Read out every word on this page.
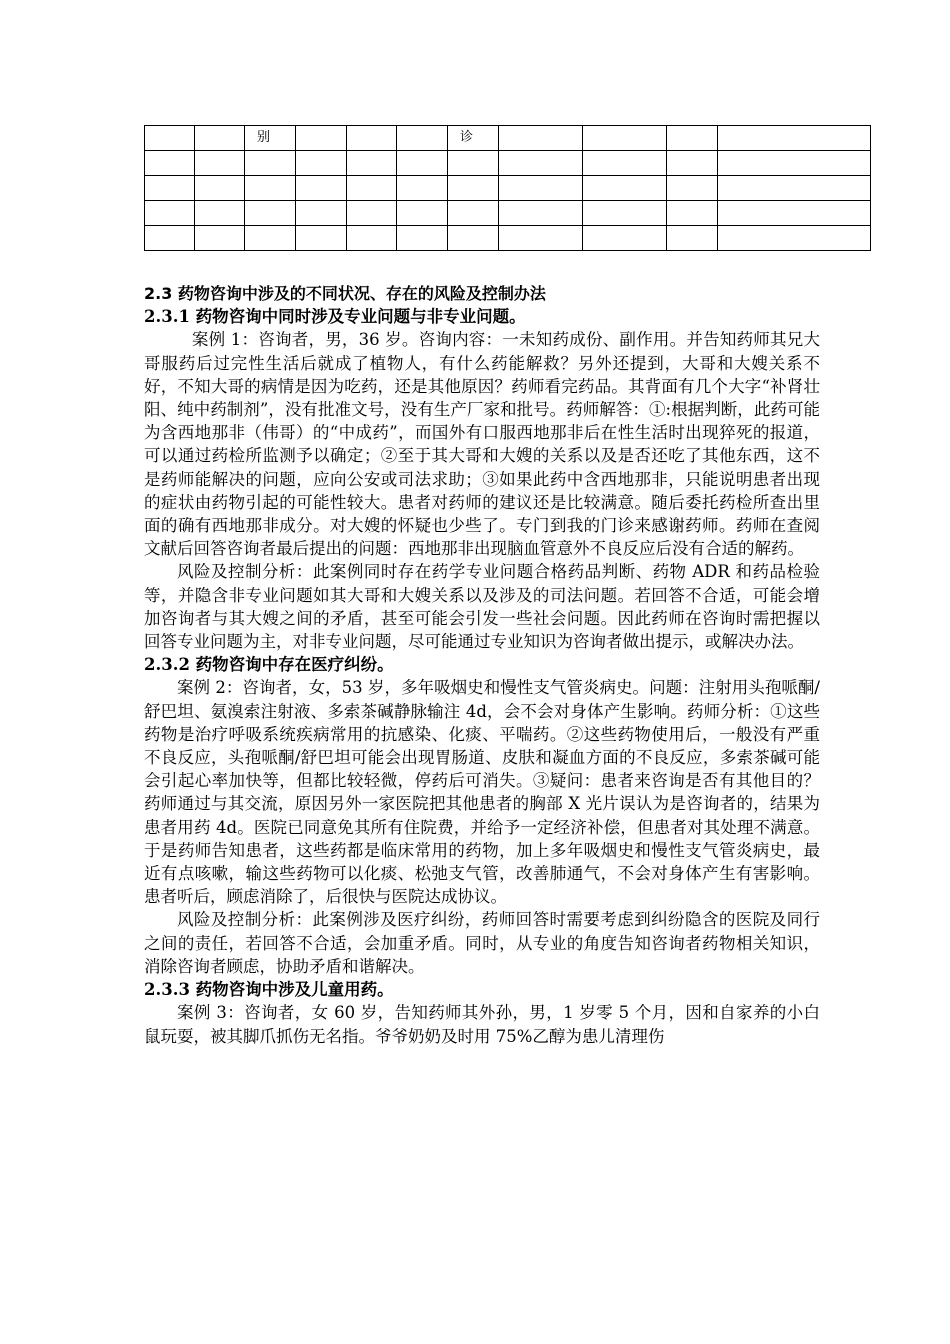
		别				诊				

2.3 药物咨询中涉及的不同状况、存在的风险及控制办法

2.3.1 药物咨询中同时涉及专业问题与非专业问题。

案例 1：咨询者，男，36 岁。咨询内容：一未知药成份、副作用。并告知药师其兄大哥服药后过完性生活后就成了植物人，有什么药能解救？另外还提到，大哥和大嫂关系不好，不知大哥的病情是因为吃药，还是其他原因？药师看完药品。其背面有几个大字“补肾壮阳、纯中药制剂”，没有批准文号，没有生产厂家和批号。药师解答：①:根据判断，此药可能为含西地那非（伟哥）的“中成药”，而国外有口服西地那非后在性生活时出现猝死的报道，可以通过药检所监测予以确定；②至于其大哥和大嫂的关系以及是否还吃了其他东西，这不是药师能解决的问题，应向公安或司法求助；③如果此药中含西地那非，只能说明患者出现的症状由药物引起的可能性较大。患者对药师的建议还是比较满意。随后委托药检所查出里面的确有西地那非成分。对大嫂的怀疑也少些了。专门到我的门诊来感谢药师。药师在查阅文献后回答咨询者最后提出的问题：西地那非出现脑血管意外不良反应后没有合适的解药。

风险及控制分析：此案例同时存在药学专业问题合格药品判断、药物 ADR 和药品检验等，并隐含非专业问题如其大哥和大嫂关系以及涉及的司法问题。若回答不合适，可能会增加咨询者与其大嫂之间的矛盾，甚至可能会引发一些社会问题。因此药师在咨询时需把握以回答专业问题为主，对非专业问题，尽可能通过专业知识为咨询者做出提示，或解决办法。

2.3.2 药物咨询中存在医疗纠纷。

案例 2：咨询者，女，53 岁，多年吸烟史和慢性支气管炎病史。问题：注射用头孢哌酮/舒巴坦、氨溴索注射液、多索茶碱静脉输注 4d，会不会对身体产生影响。药师分析：①这些药物是治疗呼吸系统疾病常用的抗感染、化痰、平喘药。②这些药物使用后，一般没有严重不良反应，头孢哌酮/舒巴坦可能会出现胃肠道、皮肤和凝血方面的不良反应，多索茶碱可能会引起心率加快等，但都比较轻微，停药后可消失。③疑问：患者来咨询是否有其他目的？药师通过与其交流，原因另外一家医院把其他患者的胸部 X 光片误认为是咨询者的，结果为患者用药 4d。医院已同意免其所有住院费，并给予一定经济补偿，但患者对其处理不满意。于是药师告知患者，这些药都是临床常用的药物，加上多年吸烟史和慢性支气管炎病史，最近有点咳嗽，输这些药物可以化痰、松弛支气管，改善肺通气，不会对身体产生有害影响。患者听后，顾虑消除了，后很快与医院达成协议。

风险及控制分析：此案例涉及医疗纠纷，药师回答时需要考虑到纠纷隐含的医院及同行之间的责任，若回答不合适，会加重矛盾。同时，从专业的角度告知咨询者药物相关知识，消除咨询者顾虑，协助矛盾和谐解决。

2.3.3 药物咨询中涉及儿童用药。

案例 3：咨询者，女 60 岁，告知药师其外孙，男，1 岁零 5 个月，因和自家养的小白鼠玩耍，被其脚爪抓伤无名指。爷爷奶奶及时用 75%乙醇为患儿清理伤
